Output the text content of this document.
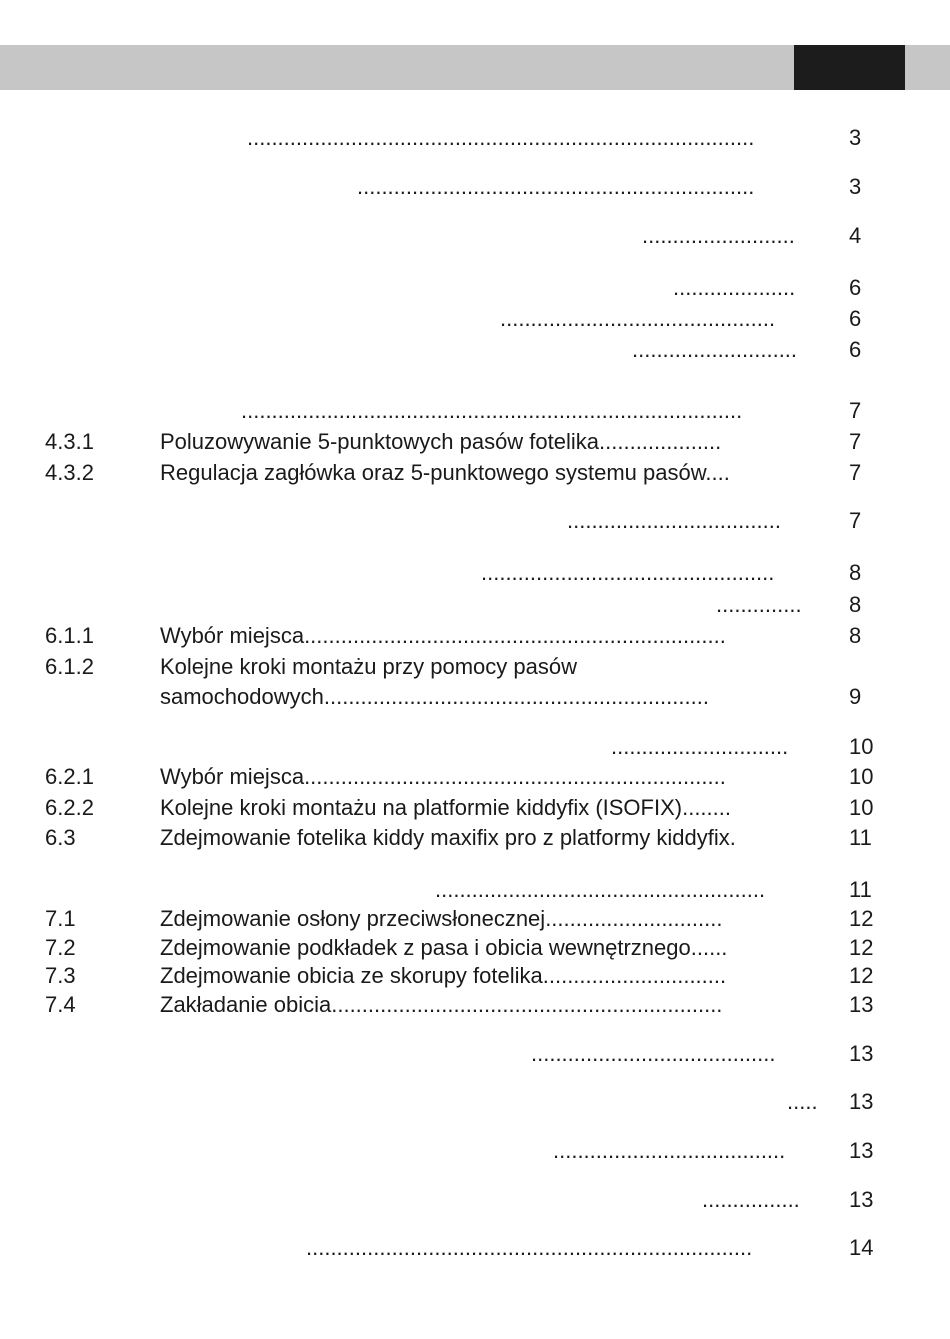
...................................................................................	3
.................................................................	3
......................... 4
.................... 6
.............................................	6
........................... 6
..................................................................................	7
4.3.1	Poluzowywanie 5-punktowych pasów fotelika....................	7
4.3.2	Regulacja zagłówka oraz 5-punktowego systemu pasów....	7
...................................	7
................................................	8
.............. 8
6.1.1	Wybór miejsca.....................................................................	8
6.1.2	Kolejne kroki montażu przy pomocy pasów
samochodowych...............................................................	9
.............................	10
6.2.1	Wybór miejsca.....................................................................	10
6.2.2	Kolejne kroki montażu na platformie kiddyfix (ISOFIX)........	10
6.3	Zdejmowanie fotelika kiddy maxifix pro z platformy kiddyfix.	11
......................................................	11
7.1	Zdejmowanie osłony przeciwsłonecznej.............................	12
7.2	Zdejmowanie podkładek z pasa i obicia wewnętrznego......	12
7.3	Zdejmowanie obicia ze skorupy fotelika..............................	12
7.4	Zakładanie obicia................................................................	13
........................................	13
..... 13
......................................	13
................ 13
.........................................................................	14
